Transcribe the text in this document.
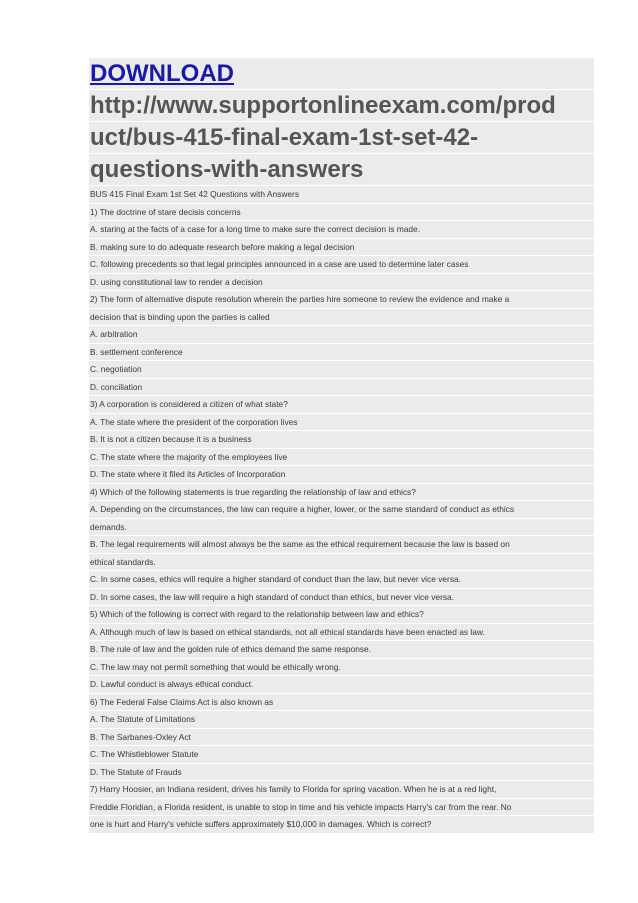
DOWNLOAD
http://www.supportonlineexam.com/prod
uct/bus-415-final-exam-1st-set-42-
questions-with-answers
BUS 415 Final Exam 1st Set 42 Questions with Answers
1) The doctrine of stare decisis concerns
A. staring at the facts of a case for a long time to make sure the correct decision is made.
B. making sure to do adequate research before making a legal decision
C. following precedents so that legal principles announced in a case are used to determine later cases
D. using constitutional law to render a decision
2) The form of alternative dispute resolution wherein the parties hire someone to review the evidence and make a
decision that is binding upon the parties is called
A. arbitration
B. settlement conference
C. negotiation
D. conciliation
3) A corporation is considered a citizen of what state?
A. The state where the president of the corporation lives
B. It is not a citizen because it is a business
C. The state where the majority of the employees live
D. The state where it filed its Articles of Incorporation
4) Which of the following statements is true regarding the relationship of law and ethics?
A. Depending on the circumstances, the law can require a higher, lower, or the same standard of conduct as ethics
demands.
B. The legal requirements will almost always be the same as the ethical requirement because the law is based on
ethical standards.
C. In some cases, ethics will require a higher standard of conduct than the law, but never vice versa.
D. In some cases, the law will require a high standard of conduct than ethics, but never vice versa.
5) Which of the following is correct with regard to the relationship between law and ethics?
A. Although much of law is based on ethical standards, not all ethical standards have been enacted as law.
B. The rule of law and the golden rule of ethics demand the same response.
C. The law may not permit something that would be ethically wrong.
D. Lawful conduct is always ethical conduct.
6) The Federal False Claims Act is also known as
A. The Statute of Limitations
B. The Sarbanes-Oxley Act
C. The Whistleblower Statute
D. The Statute of Frauds
7) Harry Hoosier, an Indiana resident, drives his family to Florida for spring vacation. When he is at a red light,
Freddie Floridian, a Florida resident, is unable to stop in time and his vehicle impacts Harry's car from the rear. No
one is hurt and Harry's vehicle suffers approximately $10,000 in damages. Which is correct?
